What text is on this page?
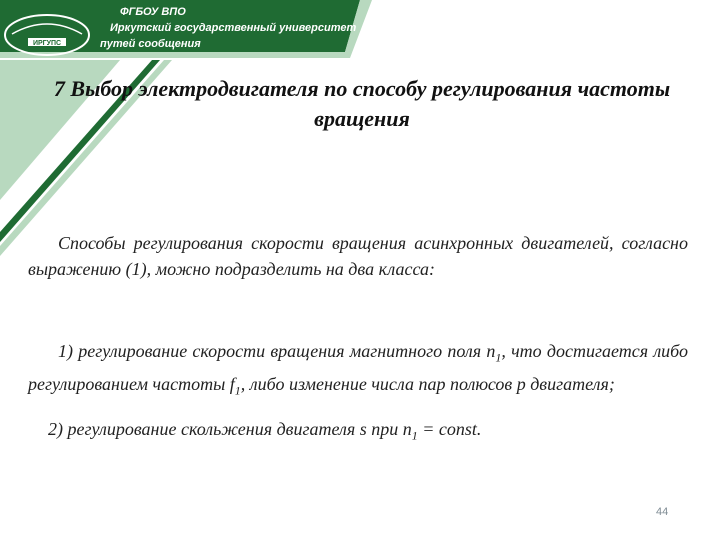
ИРГУПС
ФГБОУ ВПО
Иркутский государственный университет
путей сообщения
7 Выбор электродвигателя по способу регулирования частоты вращения
Способы регулирования скорости вращения асинхронных двигателей, согласно выражению (1), можно подразделить на два класса:
1) регулирование скорости вращения магнитного поля $n_1$, что достигается либо регулированием частоты $f_1$, либо изменение числа пар полюсов p двигателя;
2) регулирование скольжения двигателя s при $n_1$ = const.
44
